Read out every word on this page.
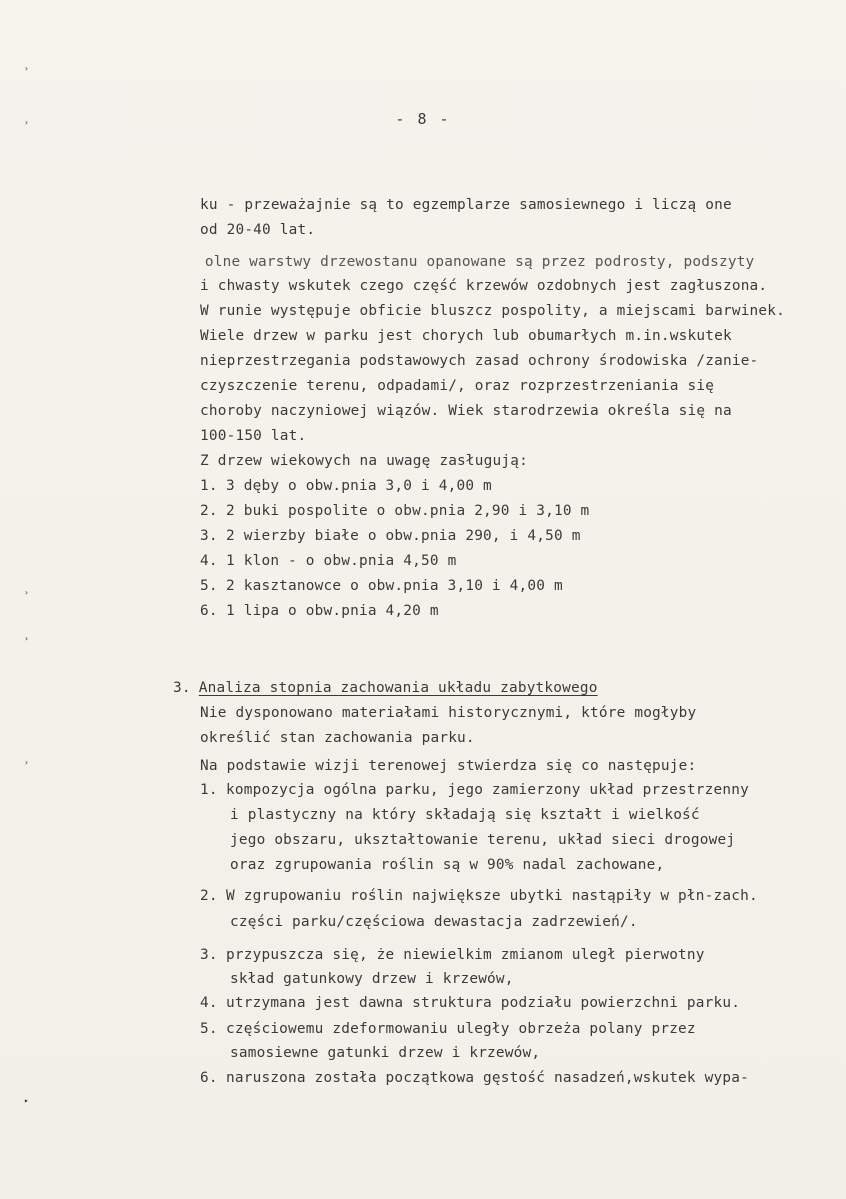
›
›
›
›
›
▸
- 8 -
ku - przeważajnie są to egzemplarze samosiewnego i liczą one
od 20-40 lat.
olne warstwy drzewostanu opanowane są przez podrosty, podszyty
i chwasty wskutek czego część krzewów ozdobnych jest zagłuszona.
W runie występuje obficie bluszcz pospolity, a miejscami barwinek.
Wiele drzew w parku jest chorych lub obumarłych m.in.wskutek
nieprzestrzegania podstawowych zasad ochrony środowiska /zanie-
czyszczenie terenu, odpadami/, oraz rozprzestrzeniania się
choroby naczyniowej wiązów. Wiek starodrzewia określa się na
100-150 lat.
Z drzew wiekowych na uwagę zasługują:
1. 3 dęby o obw.pnia 3,0 i 4,00 m
2. 2 buki pospolite o obw.pnia 2,90 i 3,10 m
3. 2 wierzby białe o obw.pnia 290, i 4,50 m
4. 1 klon - o obw.pnia 4,50 m
5. 2 kasztanowce o obw.pnia 3,10 i 4,00 m
6. 1 lipa o obw.pnia 4,20 m
3. Analiza stopnia zachowania układu zabytkowego
Nie dysponowano materiałami historycznymi, które mogłyby
określić stan zachowania parku.
Na podstawie wizji terenowej stwierdza się co następuje:
1. kompozycja ogólna parku, jego zamierzony układ przestrzenny
i plastyczny na który składają się kształt i wielkość
jego obszaru, ukształtowanie terenu, układ sieci drogowej
oraz zgrupowania roślin są w 90% nadal zachowane,
2. W zgrupowaniu roślin największe ubytki nastąpiły w płn-zach.
części parku/częściowa dewastacja zadrzewień/.
3. przypuszcza się, że niewielkim zmianom uległ pierwotny
skład gatunkowy drzew i krzewów,
4. utrzymana jest dawna struktura podziału powierzchni parku.
5. częściowemu zdeformowaniu uległy obrzeża polany przez
samosiewne gatunki drzew i krzewów,
6. naruszona została początkowa gęstość nasadzeń,wskutek wypa-
